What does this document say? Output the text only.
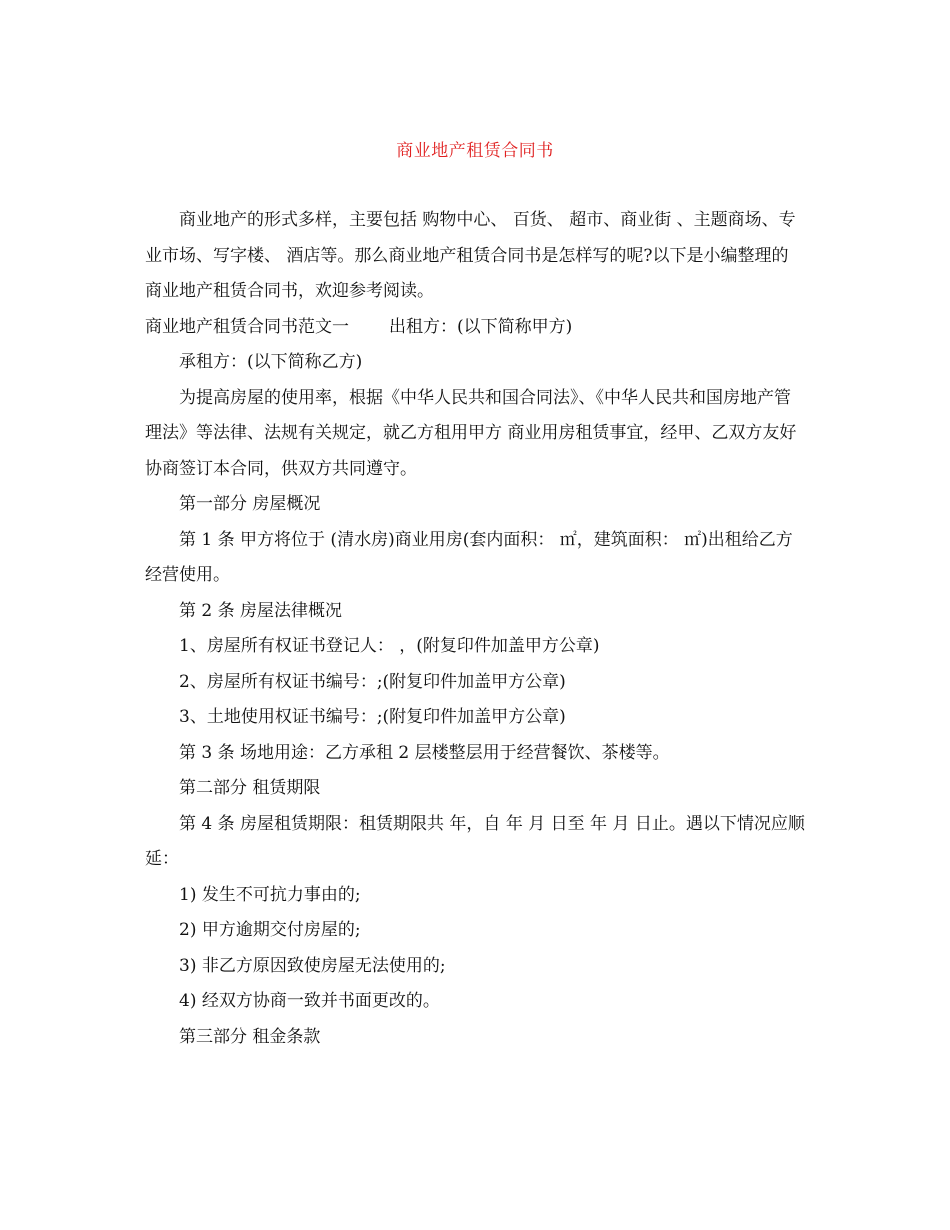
商业地产租赁合同书

商业地产的形式多样，主要包括 购物中心、 百货、 超市、商业街 、主题商场、专业市场、写字楼、 酒店等。那么商业地产租赁合同书是怎样写的呢?以下是小编整理的商业地产租赁合同书，欢迎参考阅读。

商业地产租赁合同书范文一 出租方：(以下简称甲方)

承租方：(以下简称乙方)

为提高房屋的使用率，根据《中华人民共和国合同法》、《中华人民共和国房地产管理法》等法律、法规有关规定，就乙方租用甲方 商业用房租赁事宜，经甲、乙双方友好协商签订本合同，供双方共同遵守。

第一部分 房屋概况

第 1 条 甲方将位于 (清水房)商业用房(套内面积： ㎡，建筑面积： ㎡)出租给乙方经营使用。

第 2 条 房屋法律概况

1、房屋所有权证书登记人： ，(附复印件加盖甲方公章)

2、房屋所有权证书编号：;(附复印件加盖甲方公章)

3、土地使用权证书编号：;(附复印件加盖甲方公章)

第 3 条 场地用途：乙方承租 2 层楼整层用于经营餐饮、茶楼等。

第二部分 租赁期限

第 4 条 房屋租赁期限：租赁期限共 年，自 年 月 日至 年 月 日止。遇以下情况应顺延：

1) 发生不可抗力事由的;

2) 甲方逾期交付房屋的;

3) 非乙方原因致使房屋无法使用的;

4) 经双方协商一致并书面更改的。

第三部分 租金条款
